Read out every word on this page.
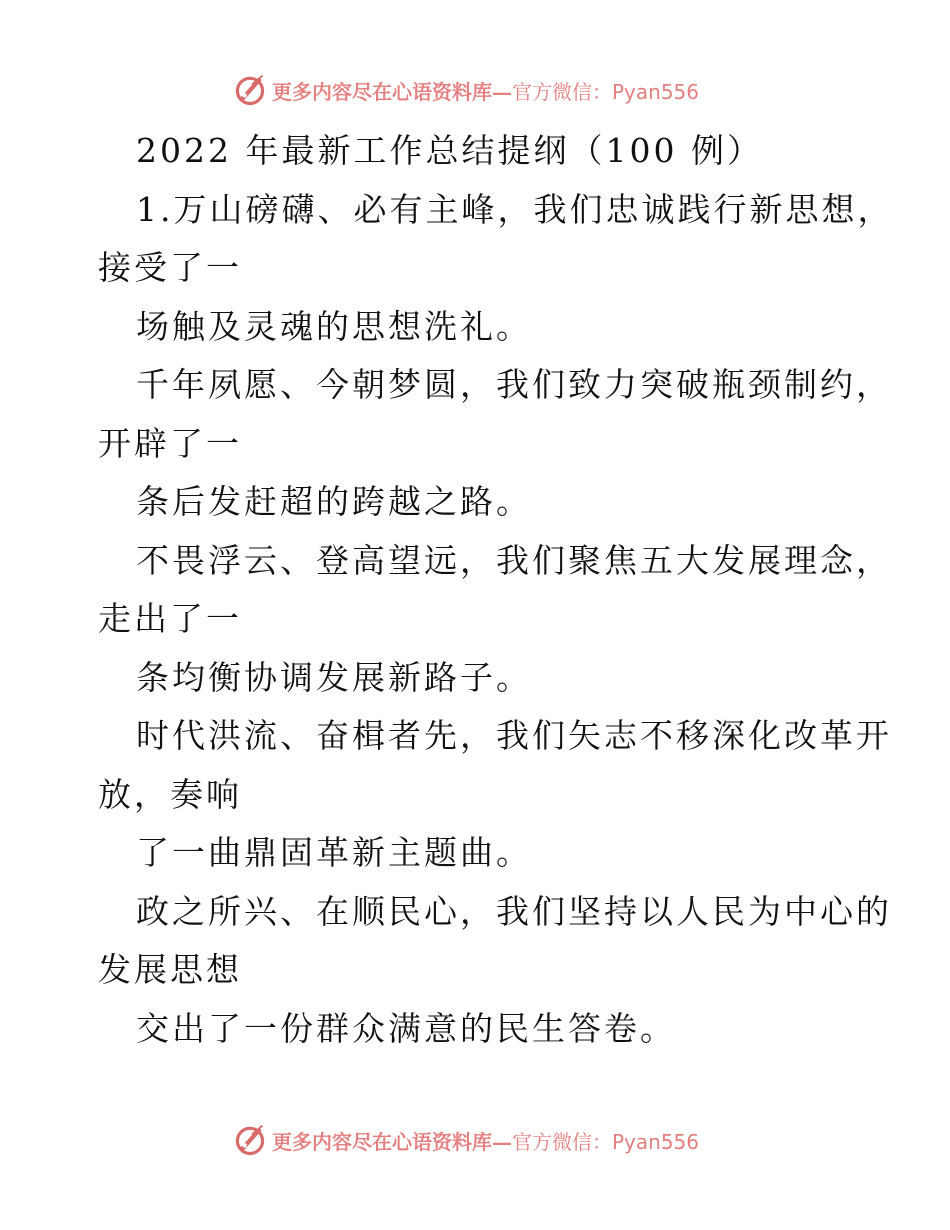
更多内容尽在心语资料库— 官方微信：Pyan556
2022 年最新工作总结提纲（100 例）
1.万山磅礴、必有主峰，我们忠诚践行新思想，
接受了一
场触及灵魂的思想洗礼。
千年夙愿、今朝梦圆，我们致力突破瓶颈制约，
开辟了一
条后发赶超的跨越之路。
不畏浮云、登高望远，我们聚焦五大发展理念，
走出了一
条均衡协调发展新路子。
时代洪流、奋楫者先，我们矢志不移深化改革开
放，奏响
了一曲鼎固革新主题曲。
政之所兴、在顺民心，我们坚持以人民为中心的
发展思想
交出了一份群众满意的民生答卷。
更多内容尽在心语资料库— 官方微信：Pyan556
